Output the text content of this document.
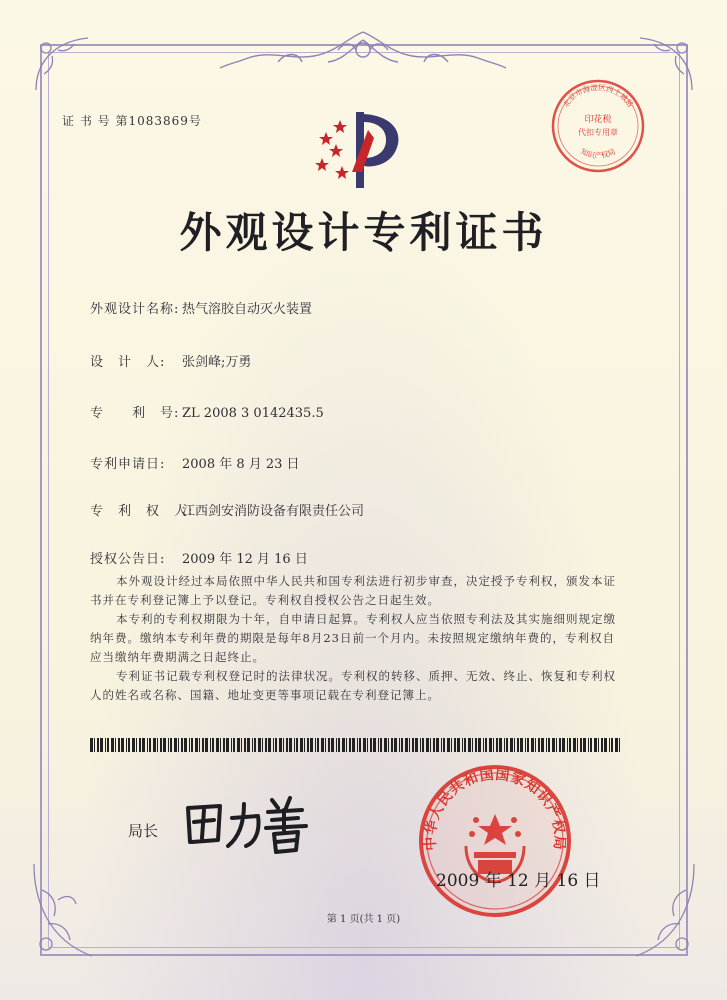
证 书 号 第1083869号
外观设计专利证书
外观设计名称: 热气溶胶自动灭火装置
设　计　人: 张剑峰;万勇
专　　利　号: ZL 2008 3 0142435.5
专利申请日: 2008 年 8 月 23 日
专　利　权　人:江西剑安消防设备有限责任公司
授权公告日: 2009 年 12 月 16 日

本外观设计经过本局依照中华人民共和国专利法进行初步审查，决定授予专利权，颁发本证书并在专利登记簿上予以登记。专利权自授权公告之日起生效。

本专利的专利权期限为十年，自申请日起算。专利权人应当依照专利法及其实施细则规定缴纳年费。缴纳本专利年费的期限是每年8月23日前一个月内。未按照规定缴纳年费的，专利权自应当缴纳年费期满之日起终止。

专利证书记载专利权登记时的法律状况。专利权的转移、质押、无效、终止、恢复和专利权人的姓名或名称、国籍、地址变更等事项记载在专利登记簿上。

局长
北京市海淀区西土城路
印花税
代扣专用章
知识产权局
中华人民共和国国家知识产权局
2009 年 12 月 16 日
第 1 页(共 1 页)
